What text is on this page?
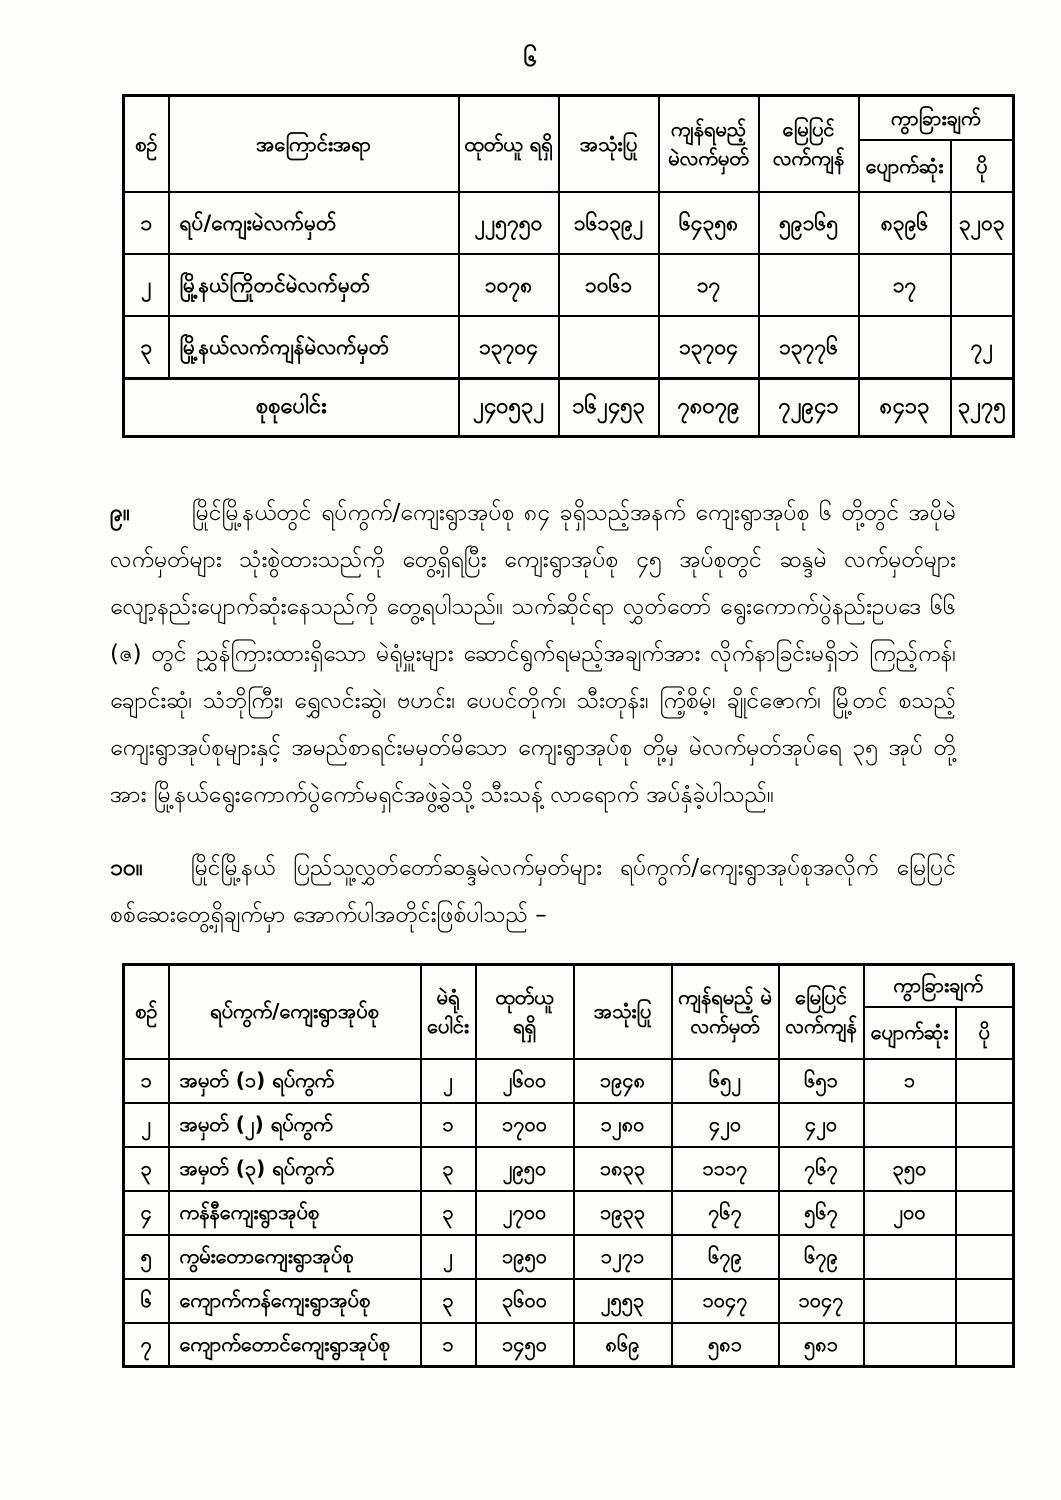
၆
စဉ်	အကြောင်းအရာ	ထုတ်ယူ ရရှိ	အသုံးပြု	ကျန်ရမည့် မဲလက်မှတ်	မြေပြင် လက်ကျန်	ကွာခြားချက်	
						ပျောက်ဆုံး	ပို
၁	ရပ်/ကျေးမဲလက်မှတ်	၂၂၅၇၅၀	၁၆၁၃၉၂	၆၄၃၅၈	၅၉၁၆၅	၈၃၉၆	၃၂၀၃
၂	မြို့နယ်ကြိုတင်မဲလက်မှတ်	၁၀၇၈	၁၀၆၁	၁၇		၁၇	
၃	မြို့နယ်လက်ကျန်မဲလက်မှတ်	၁၃၇၀၄		၁၃၇၀၄	၁၃၇၇၆		၇၂
စုစုပေါင်း		၂၄၀၅၃၂	၁၆၂၄၅၃	၇၈၀၇၉	၇၂၉၄၁	၈၄၁၃	၃၂၇၅

၉။	မြိုင်မြို့နယ်တွင် ရပ်ကွက်/ကျေးရွာအုပ်စု ၈၄ ခုရှိသည့်အနက် ကျေးရွာအုပ်စု ၆ တို့တွင် အပိုမဲလက်မှတ်များ သုံးစွဲထားသည်ကို တွေ့ရှိရပြီး ကျေးရွာအုပ်စု ၄၅ အုပ်စုတွင် ဆန္ဒမဲ လက်မှတ်များ လျော့နည်းပျောက်ဆုံးနေသည်ကို တွေ့ရပါသည်။ သက်ဆိုင်ရာ လွှတ်တော် ရွေးကောက်ပွဲနည်းဥပဒေ ၆၆ (ဇ) တွင် ညွှန်ကြားထားရှိသော မဲရုံမှူးများ ဆောင်ရွက်ရမည့်အချက်အား လိုက်နာခြင်းမရှိဘဲ ကြည့်ကန်၊ ချောင်းဆုံ၊ သံဘိုကြီး၊ ရွှေလင်းဆွဲ၊ ဗဟင်း၊ ပေပင်တိုက်၊ သီးတုန်း၊ ကြံ့စိမ့်၊ ချိုင်ဇောက်၊ မြို့တင် စသည့် ကျေးရွာအုပ်စုများနှင့် အမည်စာရင်းမမှတ်မိသော ကျေးရွာအုပ်စု တို့မှ မဲလက်မှတ်အုပ်ရေ ၃၅ အုပ် တို့အား မြို့နယ်ရွေးကောက်ပွဲကော်မရှင်အဖွဲ့ခွဲသို့ သီးသန့် လာရောက် အပ်နှံခဲ့ပါသည်။

၁၀။ မြိုင်မြို့နယ် ပြည်သူ့လွှတ်တော်ဆန္ဒမဲလက်မှတ်များ ရပ်ကွက်/ကျေးရွာအုပ်စုအလိုက် မြေပြင်စစ်ဆေးတွေ့ရှိချက်မှာ အောက်ပါအတိုင်းဖြစ်ပါသည် –

စဉ်	ရပ်ကွက်/ကျေးရွာအုပ်စု	မဲရုံ ပေါင်း	ထုတ်ယူ ရရှိ	အသုံးပြု	ကျန်ရမည့် မဲလက်မှတ်	မြေပြင် လက်ကျန်	ကွာခြားချက်	
							ပျောက်ဆုံး	ပို
၁	အမှတ် (၁) ရပ်ကွက်	၂	၂၆၀၀	၁၉၄၈	၆၅၂	၆၅၁	၁	
၂	အမှတ် (၂) ရပ်ကွက်	၁	၁၇၀၀	၁၂၈၀	၄၂၀	၄၂၀		
၃	အမှတ် (၃) ရပ်ကွက်	၃	၂၉၅၀	၁၈၃၃	၁၁၁၇	၇၆၇	၃၅၀	
၄	ကန်နီကျေးရွာအုပ်စု	၃	၂၇၀၀	၁၉၃၃	၇၆၇	၅၆၇	၂၀၀	
၅	ကွမ်းတောကျေးရွာအုပ်စု	၂	၁၉၅၀	၁၂၇၁	၆၇၉	၆၇၉		
၆	ကျောက်ကန်ကျေးရွာအုပ်စု	၃	၃၆၀၀	၂၅၅၃	၁၀၄၇	၁၀၄၇		
၇	ကျောက်တောင်ကျေးရွာအုပ်စု	၁	၁၄၅၀	၈၆၉	၅၈၁	၅၈၁		
